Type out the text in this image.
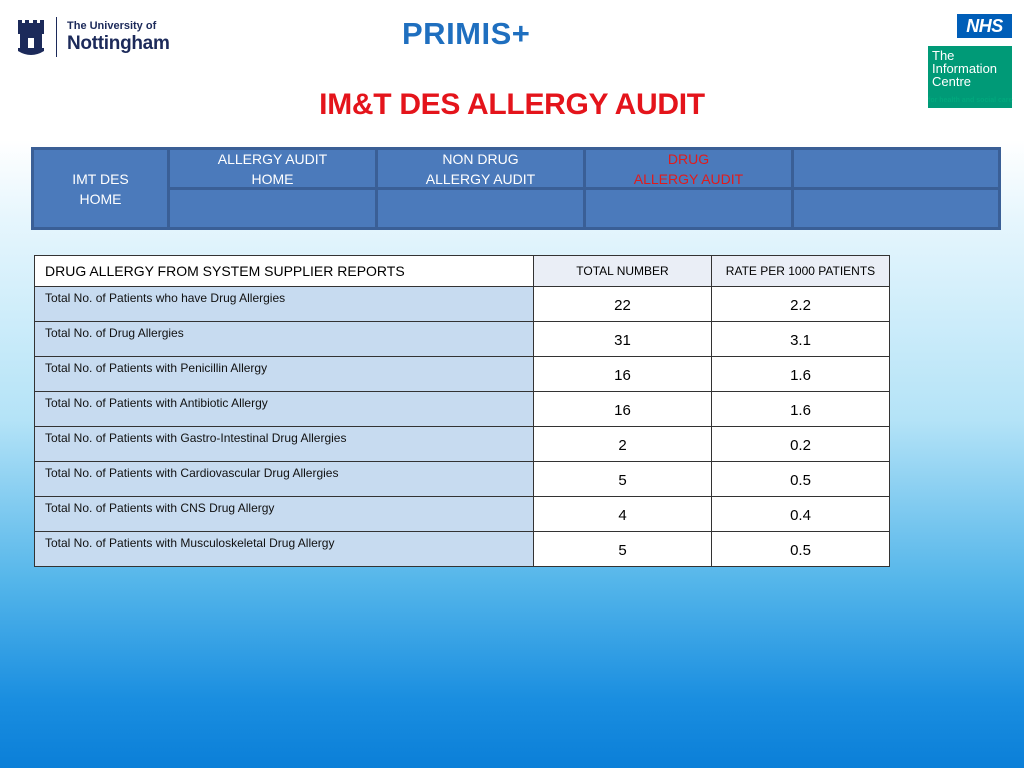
The University of
Nottingham	PRIMIS+	NHS
The
Information
Centre
for health and social care
IM&T DES ALLERGY AUDIT
IMT DES
HOME
ALLERGY AUDIT
HOME
NON DRUG
ALLERGY AUDIT
DRUG
ALLERGY AUDIT
DRUG ALLERGY FROM SYSTEM SUPPLIER REPORTS	TOTAL NUMBER	RATE PER 1000 PATIENTS
Total No. of Patients who have Drug Allergies	22	2.2
Total No. of Drug Allergies	31	3.1
Total No. of Patients with Penicillin Allergy	16	1.6
Total No. of Patients with Antibiotic Allergy	16	1.6
Total No. of Patients with Gastro-Intestinal Drug Allergies	2	0.2
Total No. of Patients with Cardiovascular Drug Allergies	5	0.5
Total No. of Patients with CNS Drug Allergy	4	0.4
Total No. of Patients with Musculoskeletal Drug Allergy	5	0.5
